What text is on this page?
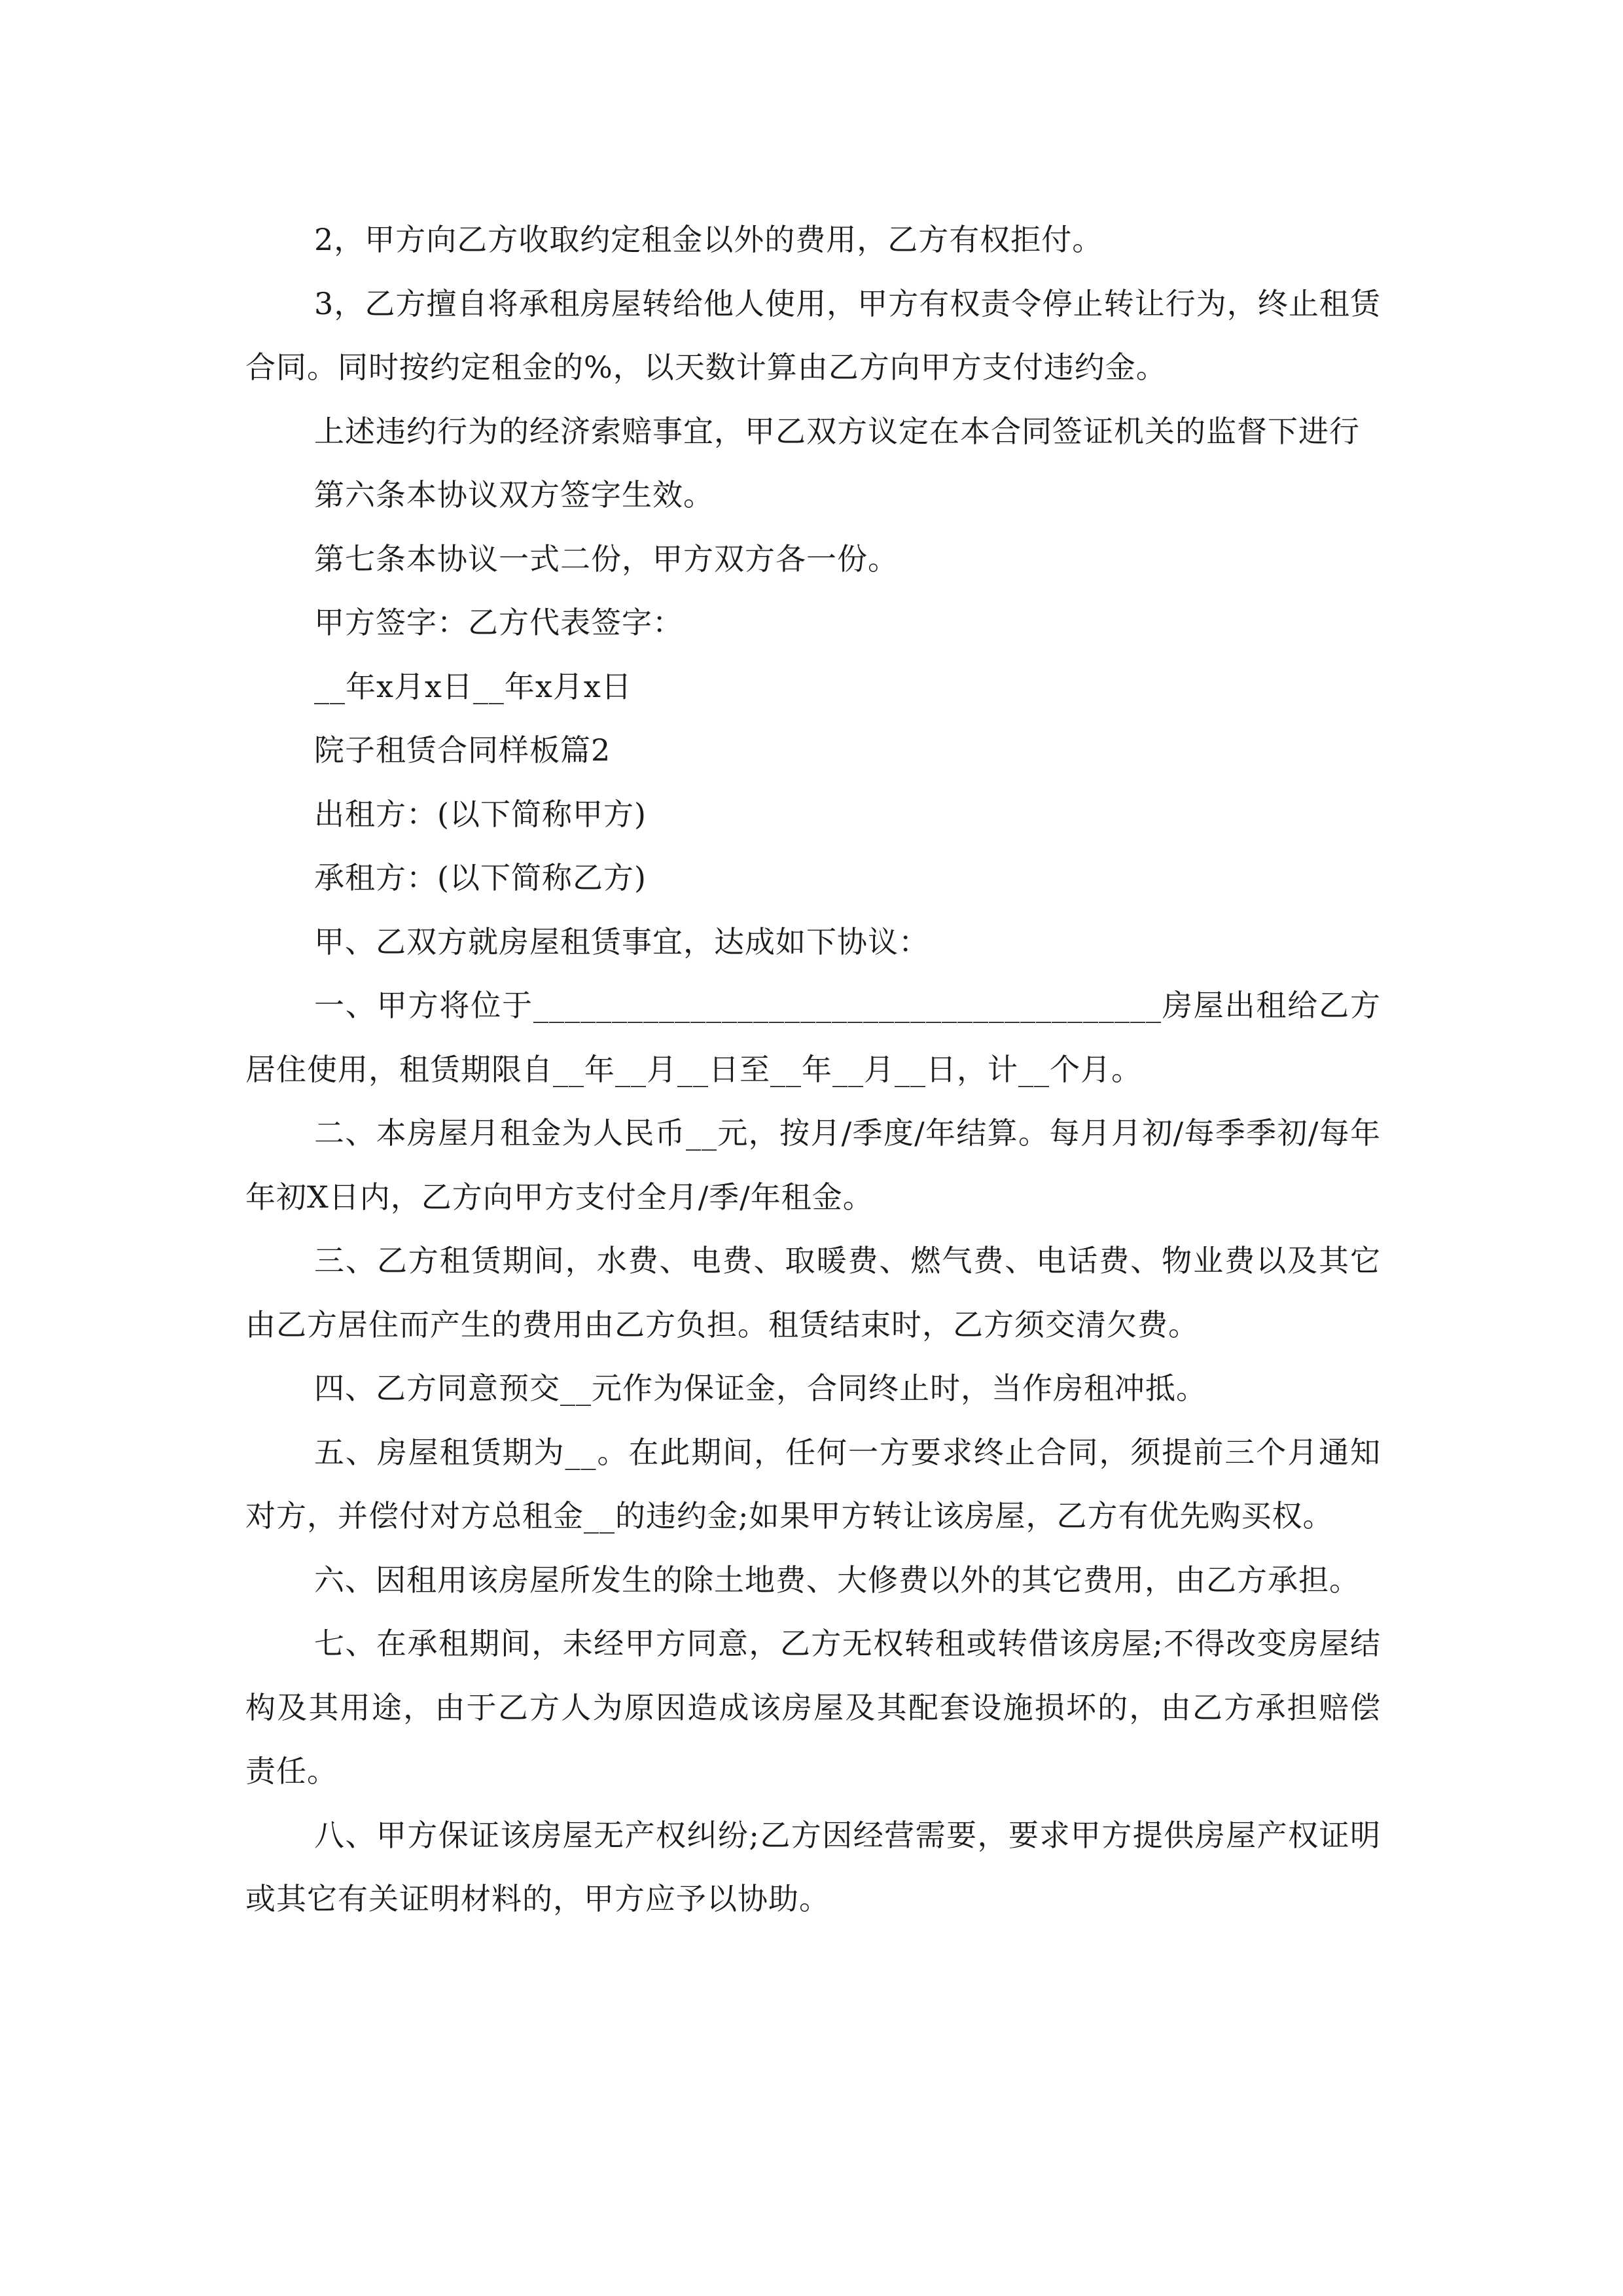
2，甲方向乙方收取约定租金以外的费用，乙方有权拒付。

3，乙方擅自将承租房屋转给他人使用，甲方有权责令停止转让行为，终止租赁合同。同时按约定租金的%，以天数计算由乙方向甲方支付违约金。

上述违约行为的经济索赔事宜，甲乙双方议定在本合同签证机关的监督下进行

第六条本协议双方签字生效。

第七条本协议一式二份，甲方双方各一份。

甲方签字：乙方代表签字：

__年x月x日__年x月x日

院子租赁合同样板篇2

出租方：(以下简称甲方)

承租方：(以下简称乙方)

甲、乙双方就房屋租赁事宜，达成如下协议：

一、甲方将位于________________________________________房屋出租给乙方居住使用，租赁期限自__年__月__日至__年__月__日，计__个月。

二、本房屋月租金为人民币__元，按月/季度/年结算。每月月初/每季季初/每年年初X日内，乙方向甲方支付全月/季/年租金。

三、乙方租赁期间，水费、电费、取暖费、燃气费、电话费、物业费以及其它由乙方居住而产生的费用由乙方负担。租赁结束时，乙方须交清欠费。

四、乙方同意预交__元作为保证金，合同终止时，当作房租冲抵。

五、房屋租赁期为__。在此期间，任何一方要求终止合同，须提前三个月通知对方，并偿付对方总租金__的违约金;如果甲方转让该房屋，乙方有优先购买权。

六、因租用该房屋所发生的除土地费、大修费以外的其它费用，由乙方承担。

七、在承租期间，未经甲方同意，乙方无权转租或转借该房屋;不得改变房屋结构及其用途，由于乙方人为原因造成该房屋及其配套设施损坏的，由乙方承担赔偿责任。

八、甲方保证该房屋无产权纠纷;乙方因经营需要，要求甲方提供房屋产权证明或其它有关证明材料的，甲方应予以协助。
